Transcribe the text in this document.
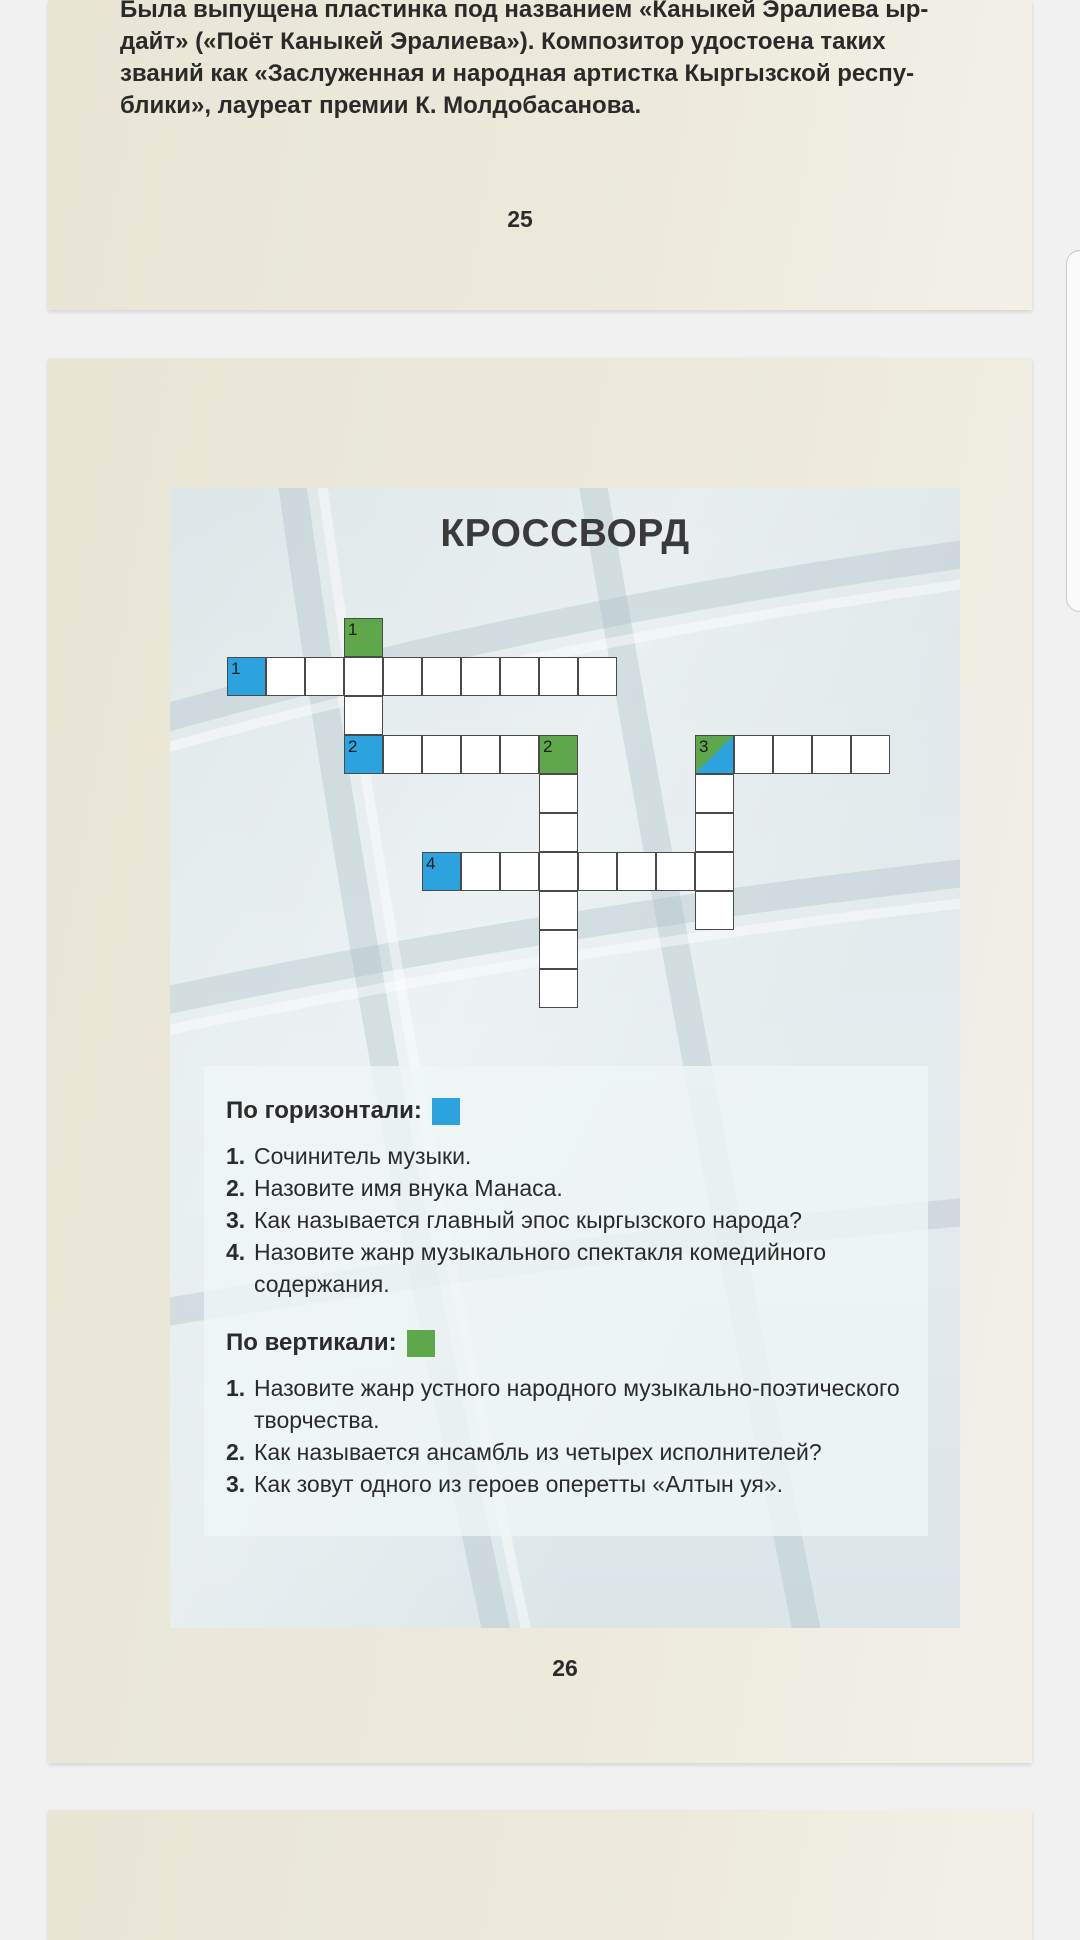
Была выпущена пластинка под названием «Каныкей Эралиева ыр-
дайт» («Поёт Каныкей Эралиева»). Композитор удостоена таких
званий как «Заслуженная и народная артистка Кыргызской респу-
блики», лауреат премии К. Молдобасанова.
25
КРОССВОРД
1
1
2	2	3
4
По горизонтали:
1. Сочинитель музыки.
2. Назовите имя внука Манаса.
3. Как называется главный эпос кыргызского народа?
4. Назовите жанр музыкального спектакля комедийного содержания.
По вертикали:
1. Назовите жанр устного народного музыкально-поэтического творчества.
2. Как называется ансамбль из четырех исполнителей?
3. Как зовут одного из героев оперетты «Алтын уя».
26
